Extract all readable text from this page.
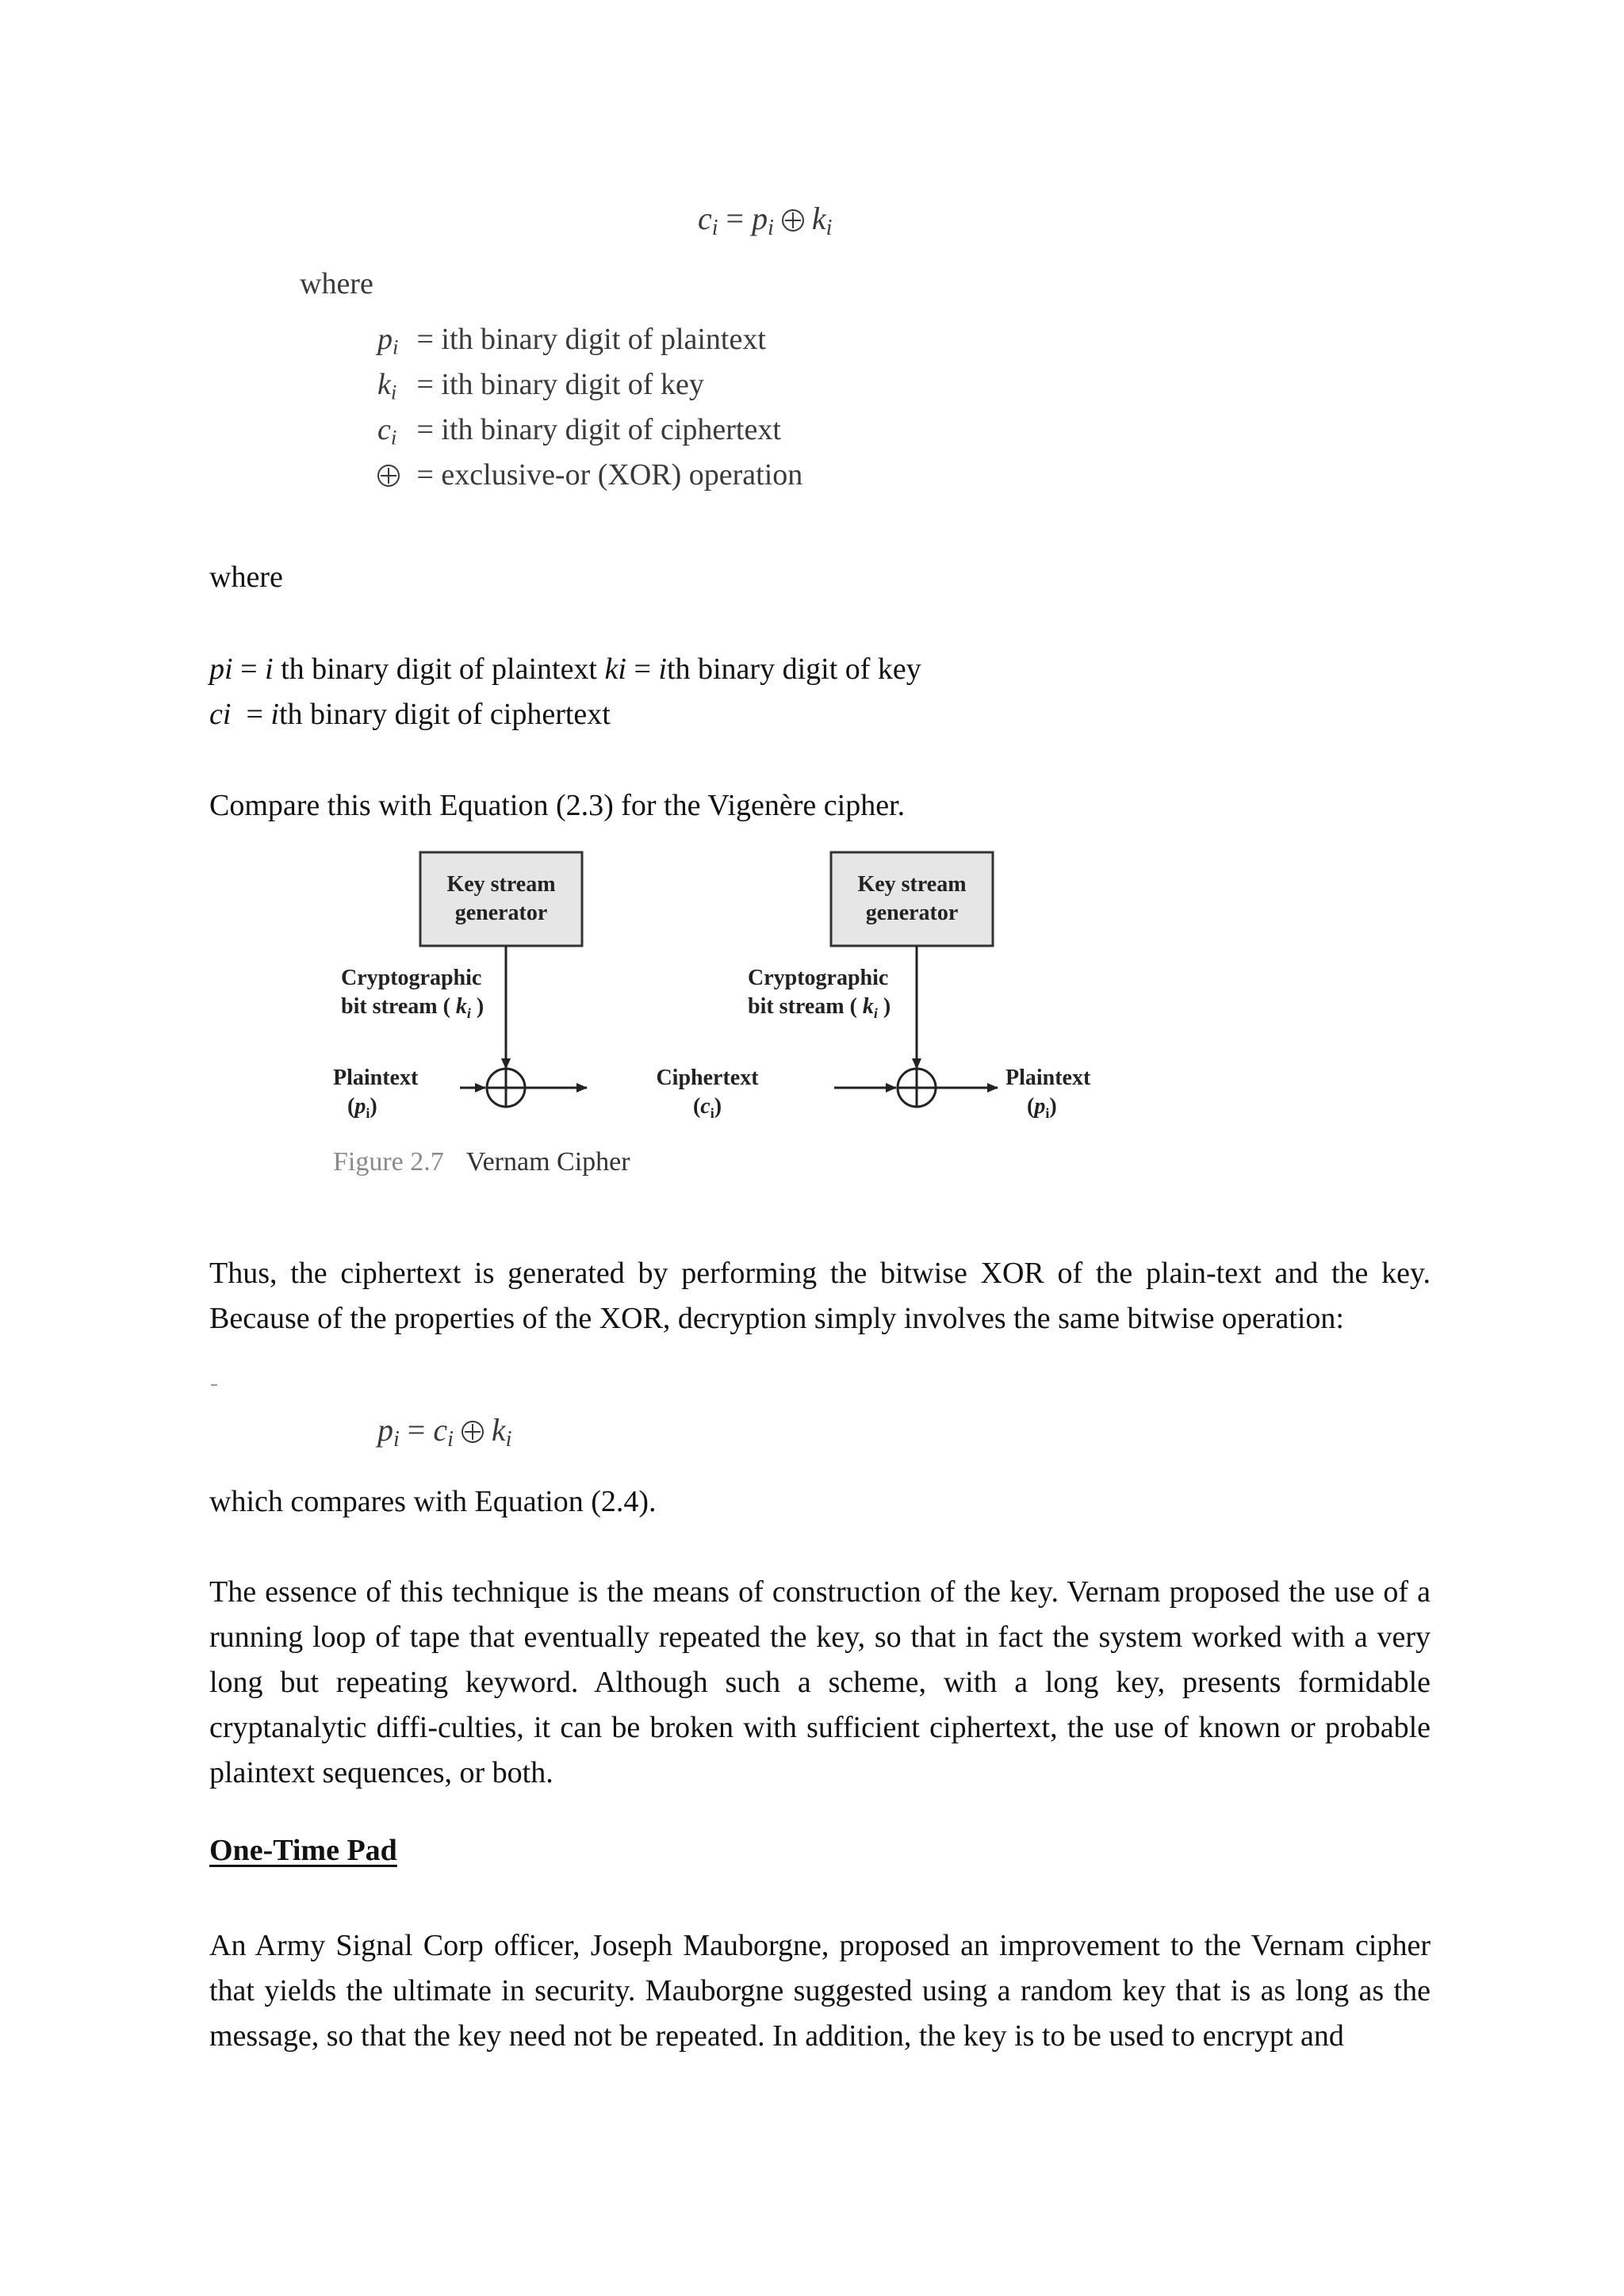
$c_i = p_i$ $k_i$
where
$p_i$ = ith binary digit of plaintext
$k_i$ = ith binary digit of key
$c_i$ = ith binary digit of ciphertext
= exclusive-or (XOR) operation
where
pi = i th binary digit of plaintext ki = ith binary digit of key
ci  = ith binary digit of ciphertext
Compare this with Equation (2.3) for the Vigenère cipher.
Key stream
generator
Key stream
generator
Cryptographic
bit stream ( $k_i$ )
Cryptographic
bit stream ( $k_i$ )
Plaintext
$(p_i)$
Ciphertext
$(c_i)$
Plaintext
$(p_i)$
Figure 2.7 Vernam Cipher
Thus, the ciphertext is generated by performing the bitwise XOR of the plain-text and the key. Because of the properties of the XOR, decryption simply involves the same bitwise operation:
$p_i = c_i$ $k_i$
which compares with Equation (2.4).
The essence of this technique is the means of construction of the key. Vernam proposed the use of a running loop of tape that eventually repeated the key, so that in fact the system worked with a very long but repeating keyword. Although such a scheme, with a long key, presents formidable cryptanalytic diffi-culties, it can be broken with sufficient ciphertext, the use of known or probable plaintext sequences, or both.
One-Time Pad
An Army Signal Corp officer, Joseph Mauborgne, proposed an improvement to the Vernam cipher that yields the ultimate in security. Mauborgne suggested using a random key that is as long as the message, so that the key need not be repeated. In addition, the key is to be used to encrypt and
